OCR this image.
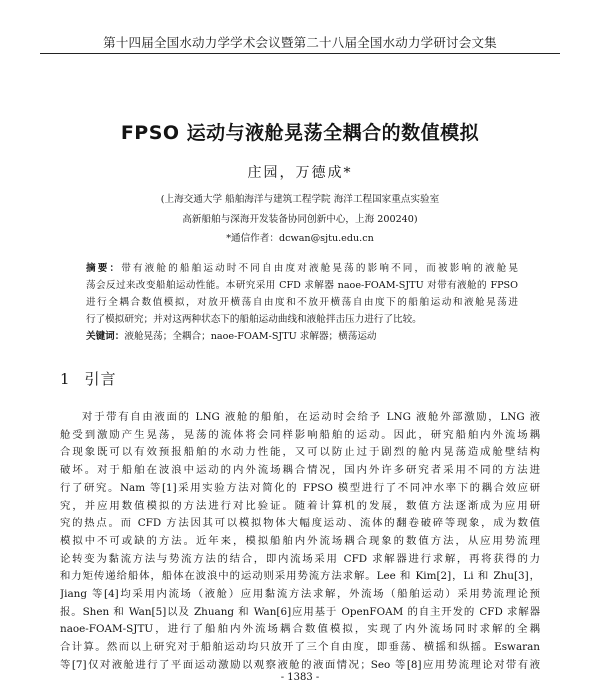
第十四届全国水动力学学术会议暨第二十八届全国水动力学研讨会文集
FPSO 运动与液舱晃荡全耦合的数值模拟
庄园，万德成*
(上海交通大学 船舶海洋与建筑工程学院 海洋工程国家重点实验室
高新船舶与深海开发装备协同创新中心，上海 200240)
*通信作者：dcwan@sjtu.edu.cn
摘要：带有液舱的船舶运动时不同自由度对液舱晃荡的影响不同，而被影响的液舱晃
荡会反过来改变船舶运动性能。本研究采用 CFD 求解器 naoe-FOAM-SJTU 对带有液舱的 FPSO
进行全耦合数值模拟，对放开横荡自由度和不放开横荡自由度下的船舶运动和液舱晃荡进
行了模拟研究；并对这两种状态下的船舶运动曲线和液舱拌击压力进行了比较。
关键词：液舱晃荡；全耦合；naoe-FOAM-SJTU 求解器；横荡运动
1 引言
对于带有自由液面的 LNG 液舱的船舶，在运动时会给予 LNG 液舱外部激励，LNG 液
舱受到激励产生晃荡，晃荡的流体将会同样影响船舶的运动。因此，研究船舶内外流场耦
合现象既可以有效预报船舶的水动力性能，又可以防止过于剧烈的舱内晃荡造成舱壁结构
破坏。对于船舶在波浪中运动的内外流场耦合情况，国内外许多研究者采用不同的方法进
行了研究。Nam 等[1]采用实验方法对简化的 FPSO 模型进行了不同冲水率下的耦合效应研
究，并应用数值模拟的方法进行对比验证。随着计算机的发展，数值方法逐渐成为应用研
究的热点。而 CFD 方法因其可以模拟物体大幅度运动、流体的翻卷破碎等现象，成为数值
模拟中不可或缺的方法。近年来，模拟船舶内外流场耦合现象的数值方法，从应用势流理
论转变为黏流方法与势流方法的结合，即内流场采用 CFD 求解器进行求解，再将获得的力
和力矩传递给船体，船体在波浪中的运动则采用势流方法求解。Lee 和 Kim[2]，Li 和 Zhu[3]，
Jiang 等[4]均采用内流场（液舱）应用黏流方法求解，外流场（船舶运动）采用势流理论预
报。Shen 和 Wan[5]以及 Zhuang 和 Wan[6]应用基于 OpenFOAM 的自主开发的 CFD 求解器
naoe-FOAM-SJTU，进行了船舶内外流场耦合数值模拟，实现了内外流场同时求解的全耦
合计算。然而以上研究对于船舶运动均只放开了三个自由度，即垂荡、横摇和纵摇。Eswaran
等[7]仅对液舱进行了平面运动激励以观察液舱的液面情况；Seo 等[8]应用势流理论对带有液
- 1383 -
